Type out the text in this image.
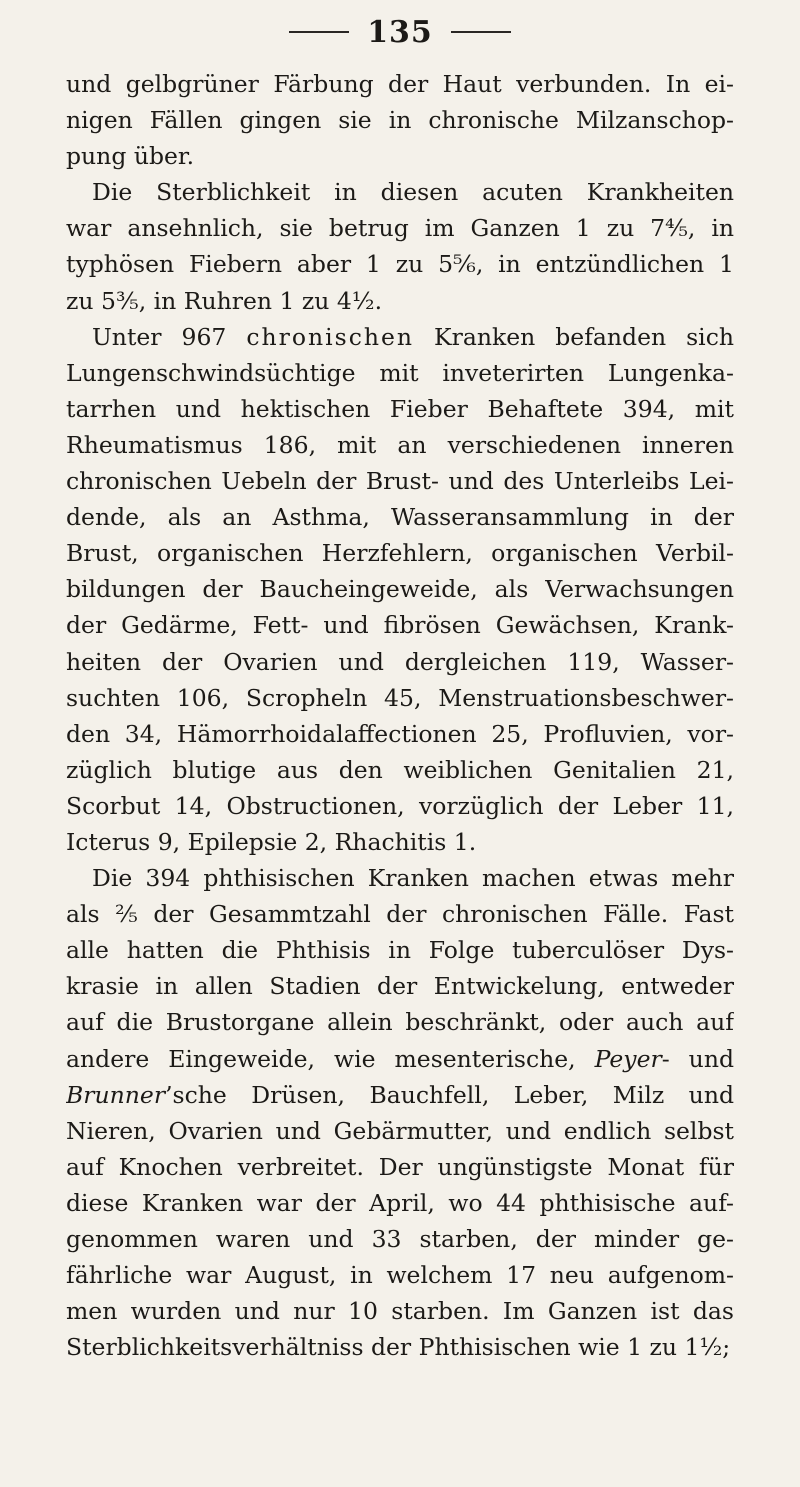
135
und gelbgrüner Färbung der Haut verbunden. In ei-
nigen Fällen gingen sie in chronische Milzanschop-
pung über.
Die Sterblichkeit in diesen acuten Krankheiten
war ansehnlich, sie betrug im Ganzen 1 zu 7⁴⁄₅, in
typhösen Fiebern aber 1 zu 5⁵⁄₆, in entzündlichen 1
zu 5³⁄₅, in Ruhren 1 zu 4¹⁄₂.
Unter 967 chronischen Kranken befanden sich
Lungenschwindsüchtige mit inveterirten Lungenka-
tarrhen und hektischen Fieber Behaftete 394, mit
Rheumatismus 186, mit an verschiedenen inneren
chronischen Uebeln der Brust- und des Unterleibs Lei-
dende, als an Asthma, Wasseransammlung in der
Brust, organischen Herzfehlern, organischen Verbil-
bildungen der Baucheingeweide, als Verwachsungen
der Gedärme, Fett- und fibrösen Gewächsen, Krank-
heiten der Ovarien und dergleichen 119, Wasser-
suchten 106, Scropheln 45, Menstruationsbeschwer-
den 34, Hämorrhoidalaffectionen 25, Profluvien, vor-
züglich blutige aus den weiblichen Genitalien 21,
Scorbut 14, Obstructionen, vorzüglich der Leber 11,
Icterus 9, Epilepsie 2, Rhachitis 1.
Die 394 phthisischen Kranken machen etwas mehr
als ²⁄₅ der Gesammtzahl der chronischen Fälle. Fast
alle hatten die Phthisis in Folge tuberculöser Dys-
krasie in allen Stadien der Entwickelung, entweder
auf die Brustorgane allein beschränkt, oder auch auf
andere Eingeweide, wie mesenterische, Peyer- und
Brunner’sche Drüsen, Bauchfell, Leber, Milz und
Nieren, Ovarien und Gebärmutter, und endlich selbst
auf Knochen verbreitet. Der ungünstigste Monat für
diese Kranken war der April, wo 44 phthisische auf-
genommen waren und 33 starben, der minder ge-
fährliche war August, in welchem 17 neu aufgenom-
men wurden und nur 10 starben. Im Ganzen ist das
Sterblichkeitsverhältniss der Phthisischen wie 1 zu 1¹⁄₂;
